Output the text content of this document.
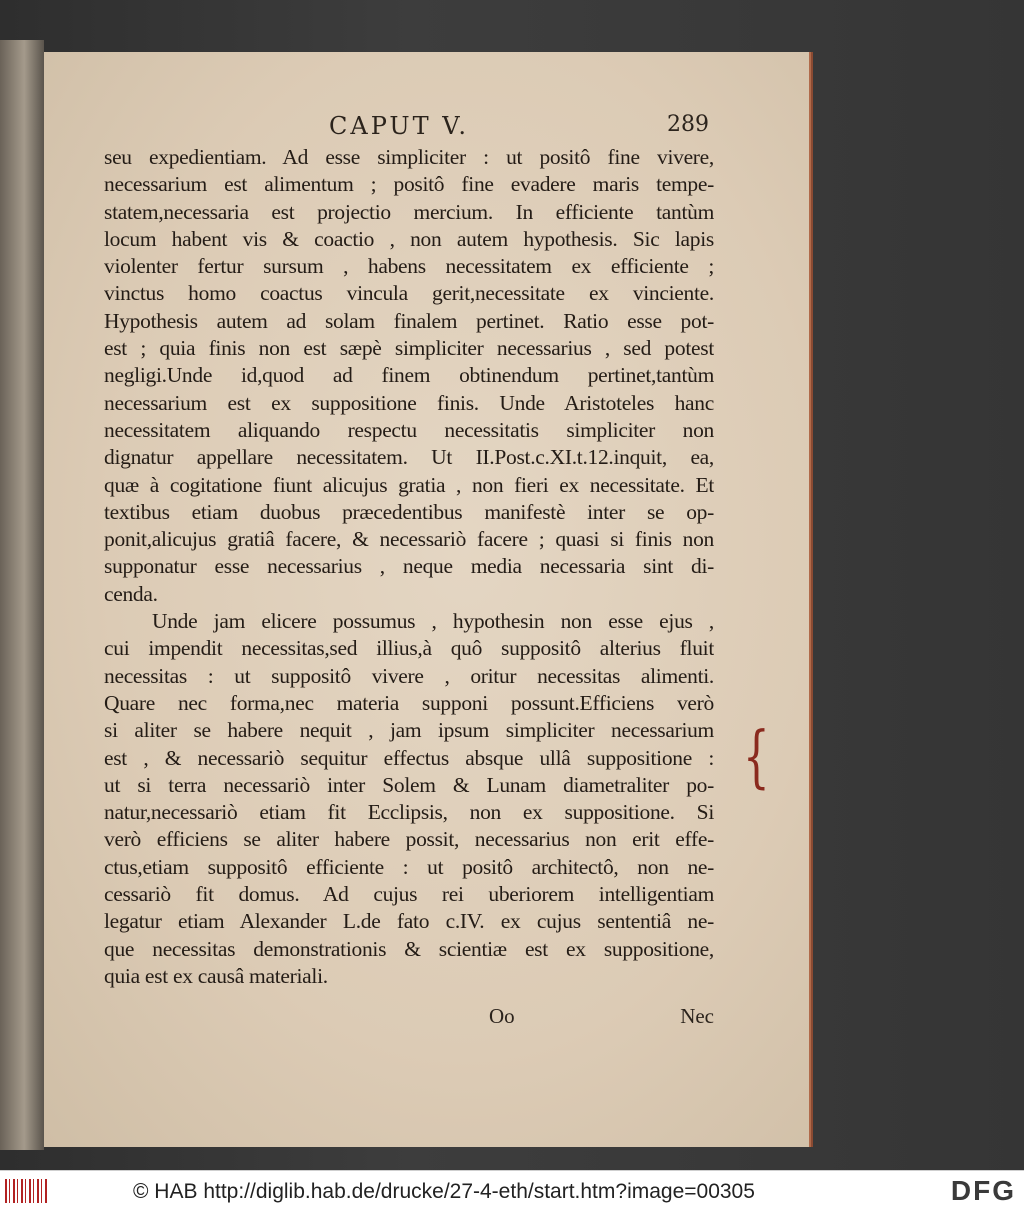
CAPUT V.	289
seu expedientiam. Ad esse simpliciter : ut positô fine vivere,
necessarium est alimentum ; positô fine evadere maris tempe-
statem,necessaria est projectio mercium. In efficiente tantùm
locum habent vis & coactio , non autem hypothesis. Sic lapis
violenter fertur sursum , habens necessitatem ex efficiente ;
vinctus homo coactus vincula gerit,necessitate ex vinciente.
Hypothesis autem ad solam finalem pertinet. Ratio esse pot-
est ; quia finis non est sæpè simpliciter necessarius , sed potest
negligi.Unde id,quod ad finem obtinendum pertinet,tantùm
necessarium est ex suppositione finis. Unde Aristoteles hanc
necessitatem aliquando respectu necessitatis simpliciter non
dignatur appellare necessitatem. Ut II.Post.c.XI.t.12.inquit, ea,
quæ à cogitatione fiunt alicujus gratia , non fieri ex necessitate. Et
textibus etiam duobus præcedentibus manifestè inter se op-
ponit,alicujus gratiâ facere, & necessariò facere ; quasi si finis non
supponatur esse necessarius , neque media necessaria sint di-
cenda.
Unde jam elicere possumus , hypothesin non esse ejus ,
cui impendit necessitas,sed illius,à quô suppositô alterius fluit
necessitas : ut suppositô vivere , oritur necessitas alimenti.
Quare nec forma,nec materia supponi possunt.Efficiens verò
si aliter se habere nequit , jam ipsum simpliciter necessarium
est , & necessariò sequitur effectus absque ullâ suppositione :
ut si terra necessariò inter Solem & Lunam diametraliter po-
natur,necessariò etiam fit Ecclipsis, non ex suppositione. Si
verò efficiens se aliter habere possit, necessarius non erit effe-
ctus,etiam suppositô efficiente : ut positô architectô, non ne-
cessariò fit domus. Ad cujus rei uberiorem intelligentiam
legatur etiam Alexander L.de fato c.IV. ex cujus sententiâ ne-
que necessitas demonstrationis & scientiæ est ex suppositione,
quia est ex causâ materiali.
{
Oo	Nec
© HAB http://diglib.hab.de/drucke/27-4-eth/start.htm?image=00305	DFG
